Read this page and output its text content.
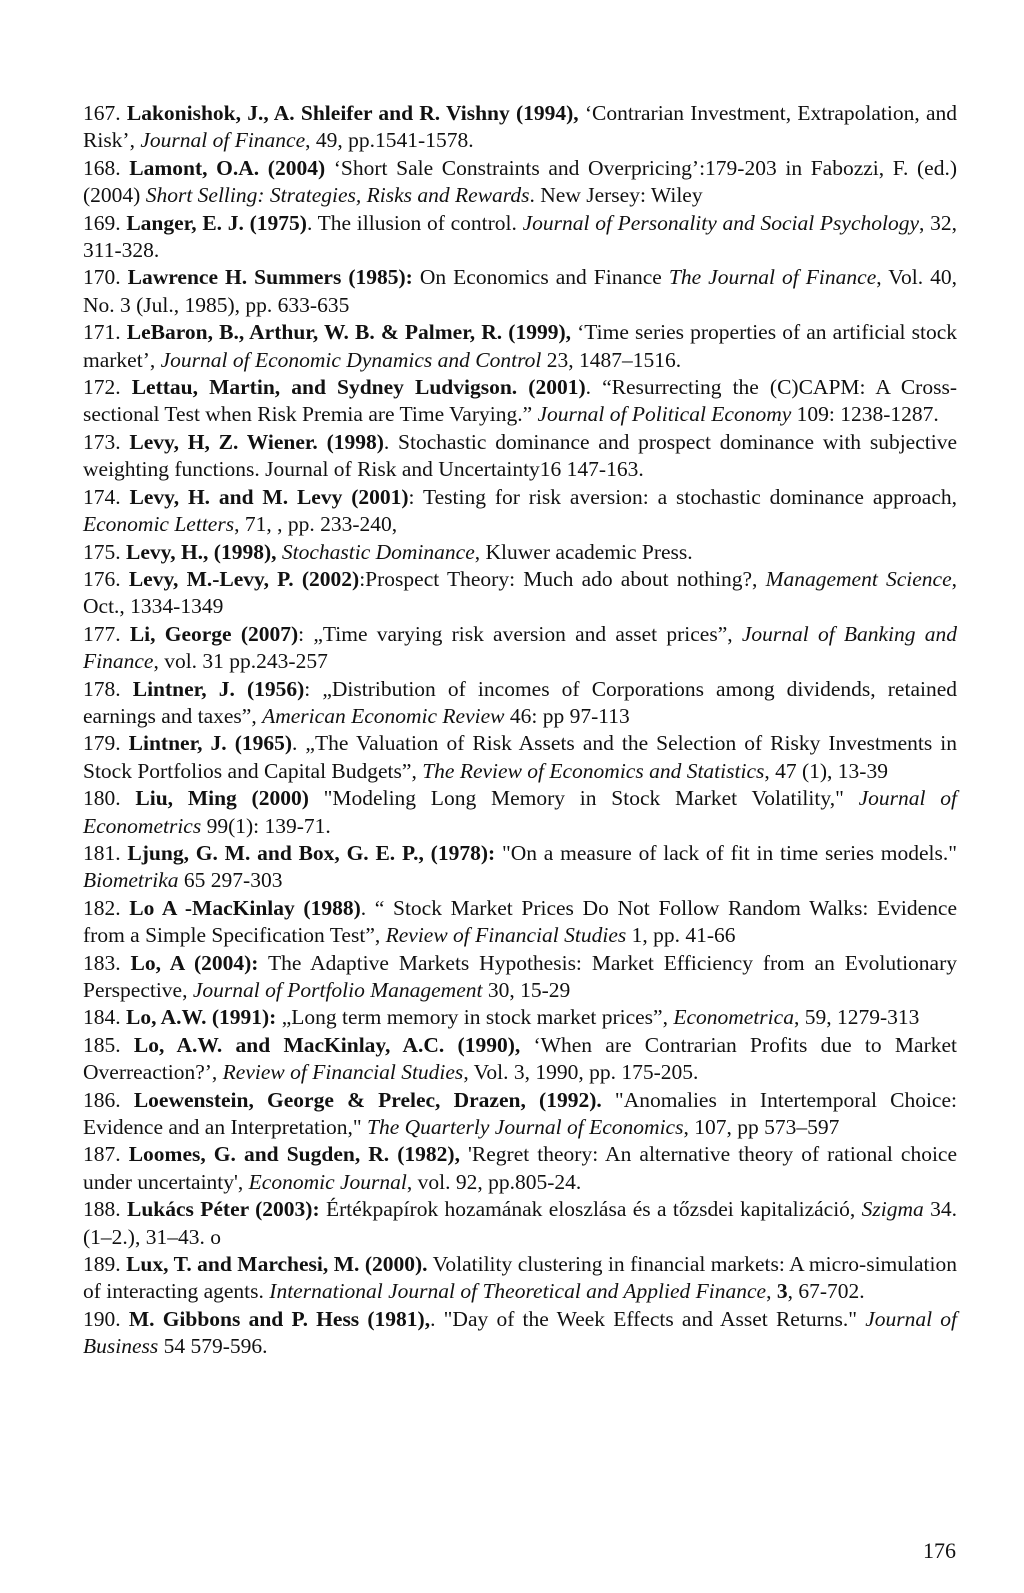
167. Lakonishok, J., A. Shleifer and R. Vishny (1994), ‘Contrarian Investment, Extrapolation, and Risk’, Journal of Finance, 49, pp.1541-1578.
168. Lamont, O.A. (2004) ‘Short Sale Constraints and Overpricing’:179-203 in Fabozzi, F. (ed.) (2004) Short Selling: Strategies, Risks and Rewards. New Jersey: Wiley
169. Langer, E. J. (1975). The illusion of control. Journal of Personality and Social Psychology, 32, 311-328.
170. Lawrence H. Summers (1985): On Economics and Finance The Journal of Finance, Vol. 40, No. 3 (Jul., 1985), pp. 633-635
171. LeBaron, B., Arthur, W. B. & Palmer, R. (1999), ‘Time series properties of an artificial stock market’, Journal of Economic Dynamics and Control 23, 1487–1516.
172. Lettau, Martin, and Sydney Ludvigson. (2001). “Resurrecting the (C)CAPM: A Cross-sectional Test when Risk Premia are Time Varying.” Journal of Political Economy 109: 1238-1287.
173. Levy, H, Z. Wiener. (1998). Stochastic dominance and prospect dominance with subjective weighting functions. Journal of Risk and Uncertainty16 147-163.
174. Levy, H. and M. Levy (2001): Testing for risk aversion: a stochastic dominance approach, Economic Letters, 71, , pp. 233-240,
175. Levy, H., (1998), Stochastic Dominance, Kluwer academic Press.
176. Levy, M.-Levy, P. (2002):Prospect Theory: Much ado about nothing?, Management Science, Oct., 1334-1349
177. Li, George (2007): „Time varying risk aversion and asset prices”, Journal of Banking and Finance, vol. 31 pp.243-257
178. Lintner, J. (1956): „Distribution of incomes of Corporations among dividends, retained earnings and taxes”, American Economic Review 46: pp 97-113
179. Lintner, J. (1965). „The Valuation of Risk Assets and the Selection of Risky Investments in Stock Portfolios and Capital Budgets”, The Review of Economics and Statistics, 47 (1), 13-39
180. Liu, Ming (2000) "Modeling Long Memory in Stock Market Volatility," Journal of Econometrics 99(1): 139-71.
181. Ljung, G. M. and Box, G. E. P., (1978): "On a measure of lack of fit in time series models." Biometrika 65 297-303
182. Lo A -MacKinlay (1988). “ Stock Market Prices Do Not Follow Random Walks: Evidence from a Simple Specification Test”, Review of Financial Studies 1, pp. 41-66
183. Lo, A (2004): The Adaptive Markets Hypothesis: Market Efficiency from an Evolutionary Perspective, Journal of Portfolio Management 30, 15-29
184. Lo, A.W. (1991): „Long term memory in stock market prices”, Econometrica, 59, 1279-313
185. Lo, A.W. and MacKinlay, A.C. (1990), ‘When are Contrarian Profits due to Market Overreaction?’, Review of Financial Studies, Vol. 3, 1990, pp. 175-205.
186. Loewenstein, George & Prelec, Drazen, (1992). "Anomalies in Intertemporal Choice: Evidence and an Interpretation," The Quarterly Journal of Economics, 107, pp 573–597
187. Loomes, G. and Sugden, R. (1982), 'Regret theory: An alternative theory of rational choice under uncertainty', Economic Journal, vol. 92, pp.805-24.
188. Lukács Péter (2003): Értékpapírok hozamának eloszlása és a tőzsdei kapitalizáció, Szigma 34. (1–2.), 31–43. o
189. Lux, T. and Marchesi, M. (2000). Volatility clustering in financial markets: A micro-simulation of interacting agents. International Journal of Theoretical and Applied Finance, 3, 67-702.
190. M. Gibbons and P. Hess (1981),. "Day of the Week Effects and Asset Returns." Journal of Business 54 579-596.
176
